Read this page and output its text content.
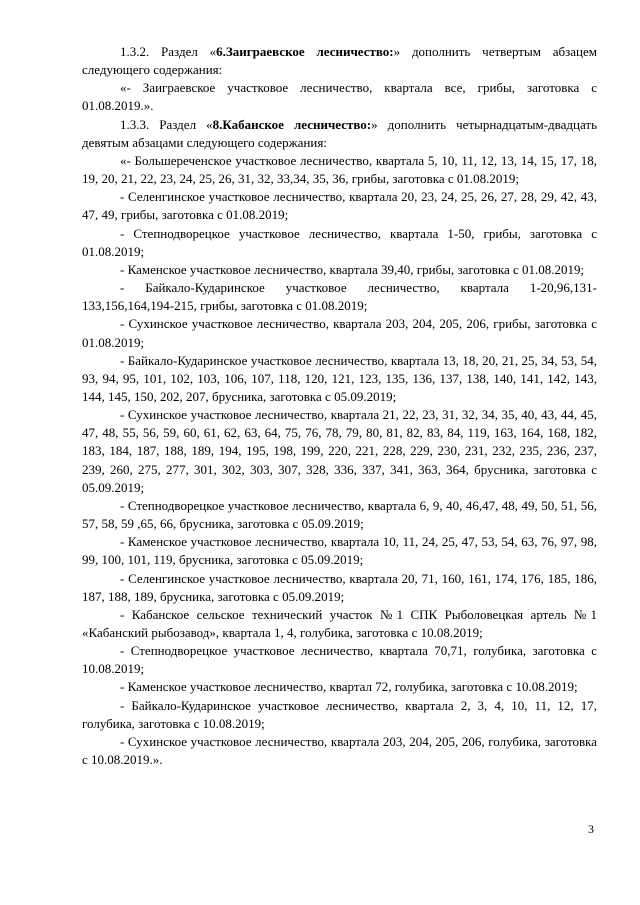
1.3.2. Раздел «6.Заиграевское лесничество:» дополнить четвертым абзацем следующего содержания:

«- Заиграевское участковое лесничество, квартала все, грибы, заготовка с 01.08.2019.».

1.3.3. Раздел «8.Кабанское лесничество:» дополнить четырнадцатым-двадцать девятым абзацами следующего содержания:

«- Большереченское участковое лесничество, квартала 5, 10, 11, 12, 13, 14, 15, 17, 18, 19, 20, 21, 22, 23, 24, 25, 26, 31, 32, 33,34, 35, 36, грибы, заготовка с 01.08.2019;

- Селенгинское участковое лесничество, квартала 20, 23, 24, 25, 26, 27, 28, 29, 42, 43, 47, 49, грибы, заготовка с 01.08.2019;

- Степнодворецкое участковое лесничество, квартала 1-50, грибы, заготовка с 01.08.2019;

- Каменское участковое лесничество, квартала 39,40, грибы, заготовка с 01.08.2019;

- Байкало-Кударинское участковое лесничество, квартала 1-20,96,131-133,156,164,194-215, грибы, заготовка с 01.08.2019;

- Сухинское участковое лесничество, квартала 203, 204, 205, 206, грибы, заготовка с 01.08.2019;

- Байкало-Кударинское участковое лесничество, квартала 13, 18, 20, 21, 25, 34, 53, 54, 93, 94, 95, 101, 102, 103, 106, 107, 118, 120, 121, 123, 135, 136, 137, 138, 140, 141, 142, 143, 144, 145, 150, 202, 207, брусника, заготовка с 05.09.2019;

- Сухинское участковое лесничество, квартала 21, 22, 23, 31, 32, 34, 35, 40, 43, 44, 45, 47, 48, 55, 56, 59, 60, 61, 62, 63, 64, 75, 76, 78, 79, 80, 81, 82, 83, 84, 119, 163, 164, 168, 182, 183, 184, 187, 188, 189, 194, 195, 198, 199, 220, 221, 228, 229, 230, 231, 232, 235, 236, 237, 239, 260, 275, 277, 301, 302, 303, 307, 328, 336, 337, 341, 363, 364, брусника, заготовка с 05.09.2019;

- Степнодворецкое участковое лесничество, квартала 6, 9, 40, 46,47, 48, 49, 50, 51, 56, 57, 58, 59 ,65, 66, брусника, заготовка с 05.09.2019;

- Каменское участковое лесничество, квартала 10, 11, 24, 25, 47, 53, 54, 63, 76, 97, 98, 99, 100, 101, 119, брусника, заготовка с 05.09.2019;

- Селенгинское участковое лесничество, квартала 20, 71, 160, 161, 174, 176, 185, 186, 187, 188, 189, брусника, заготовка с 05.09.2019;

- Кабанское сельское технический участок №1 СПК Рыболовецкая артель №1 «Кабанский рыбозавод», квартала 1, 4, голубика, заготовка с 10.08.2019;

- Степнодворецкое участковое лесничество, квартала 70,71, голубика, заготовка с 10.08.2019;

- Каменское участковое лесничество, квартал 72, голубика, заготовка с 10.08.2019;

- Байкало-Кударинское участковое лесничество, квартала 2, 3, 4, 10, 11, 12, 17, голубика, заготовка с 10.08.2019;

- Сухинское участковое лесничество, квартала 203, 204, 205, 206, голубика, заготовка с 10.08.2019.».

3
